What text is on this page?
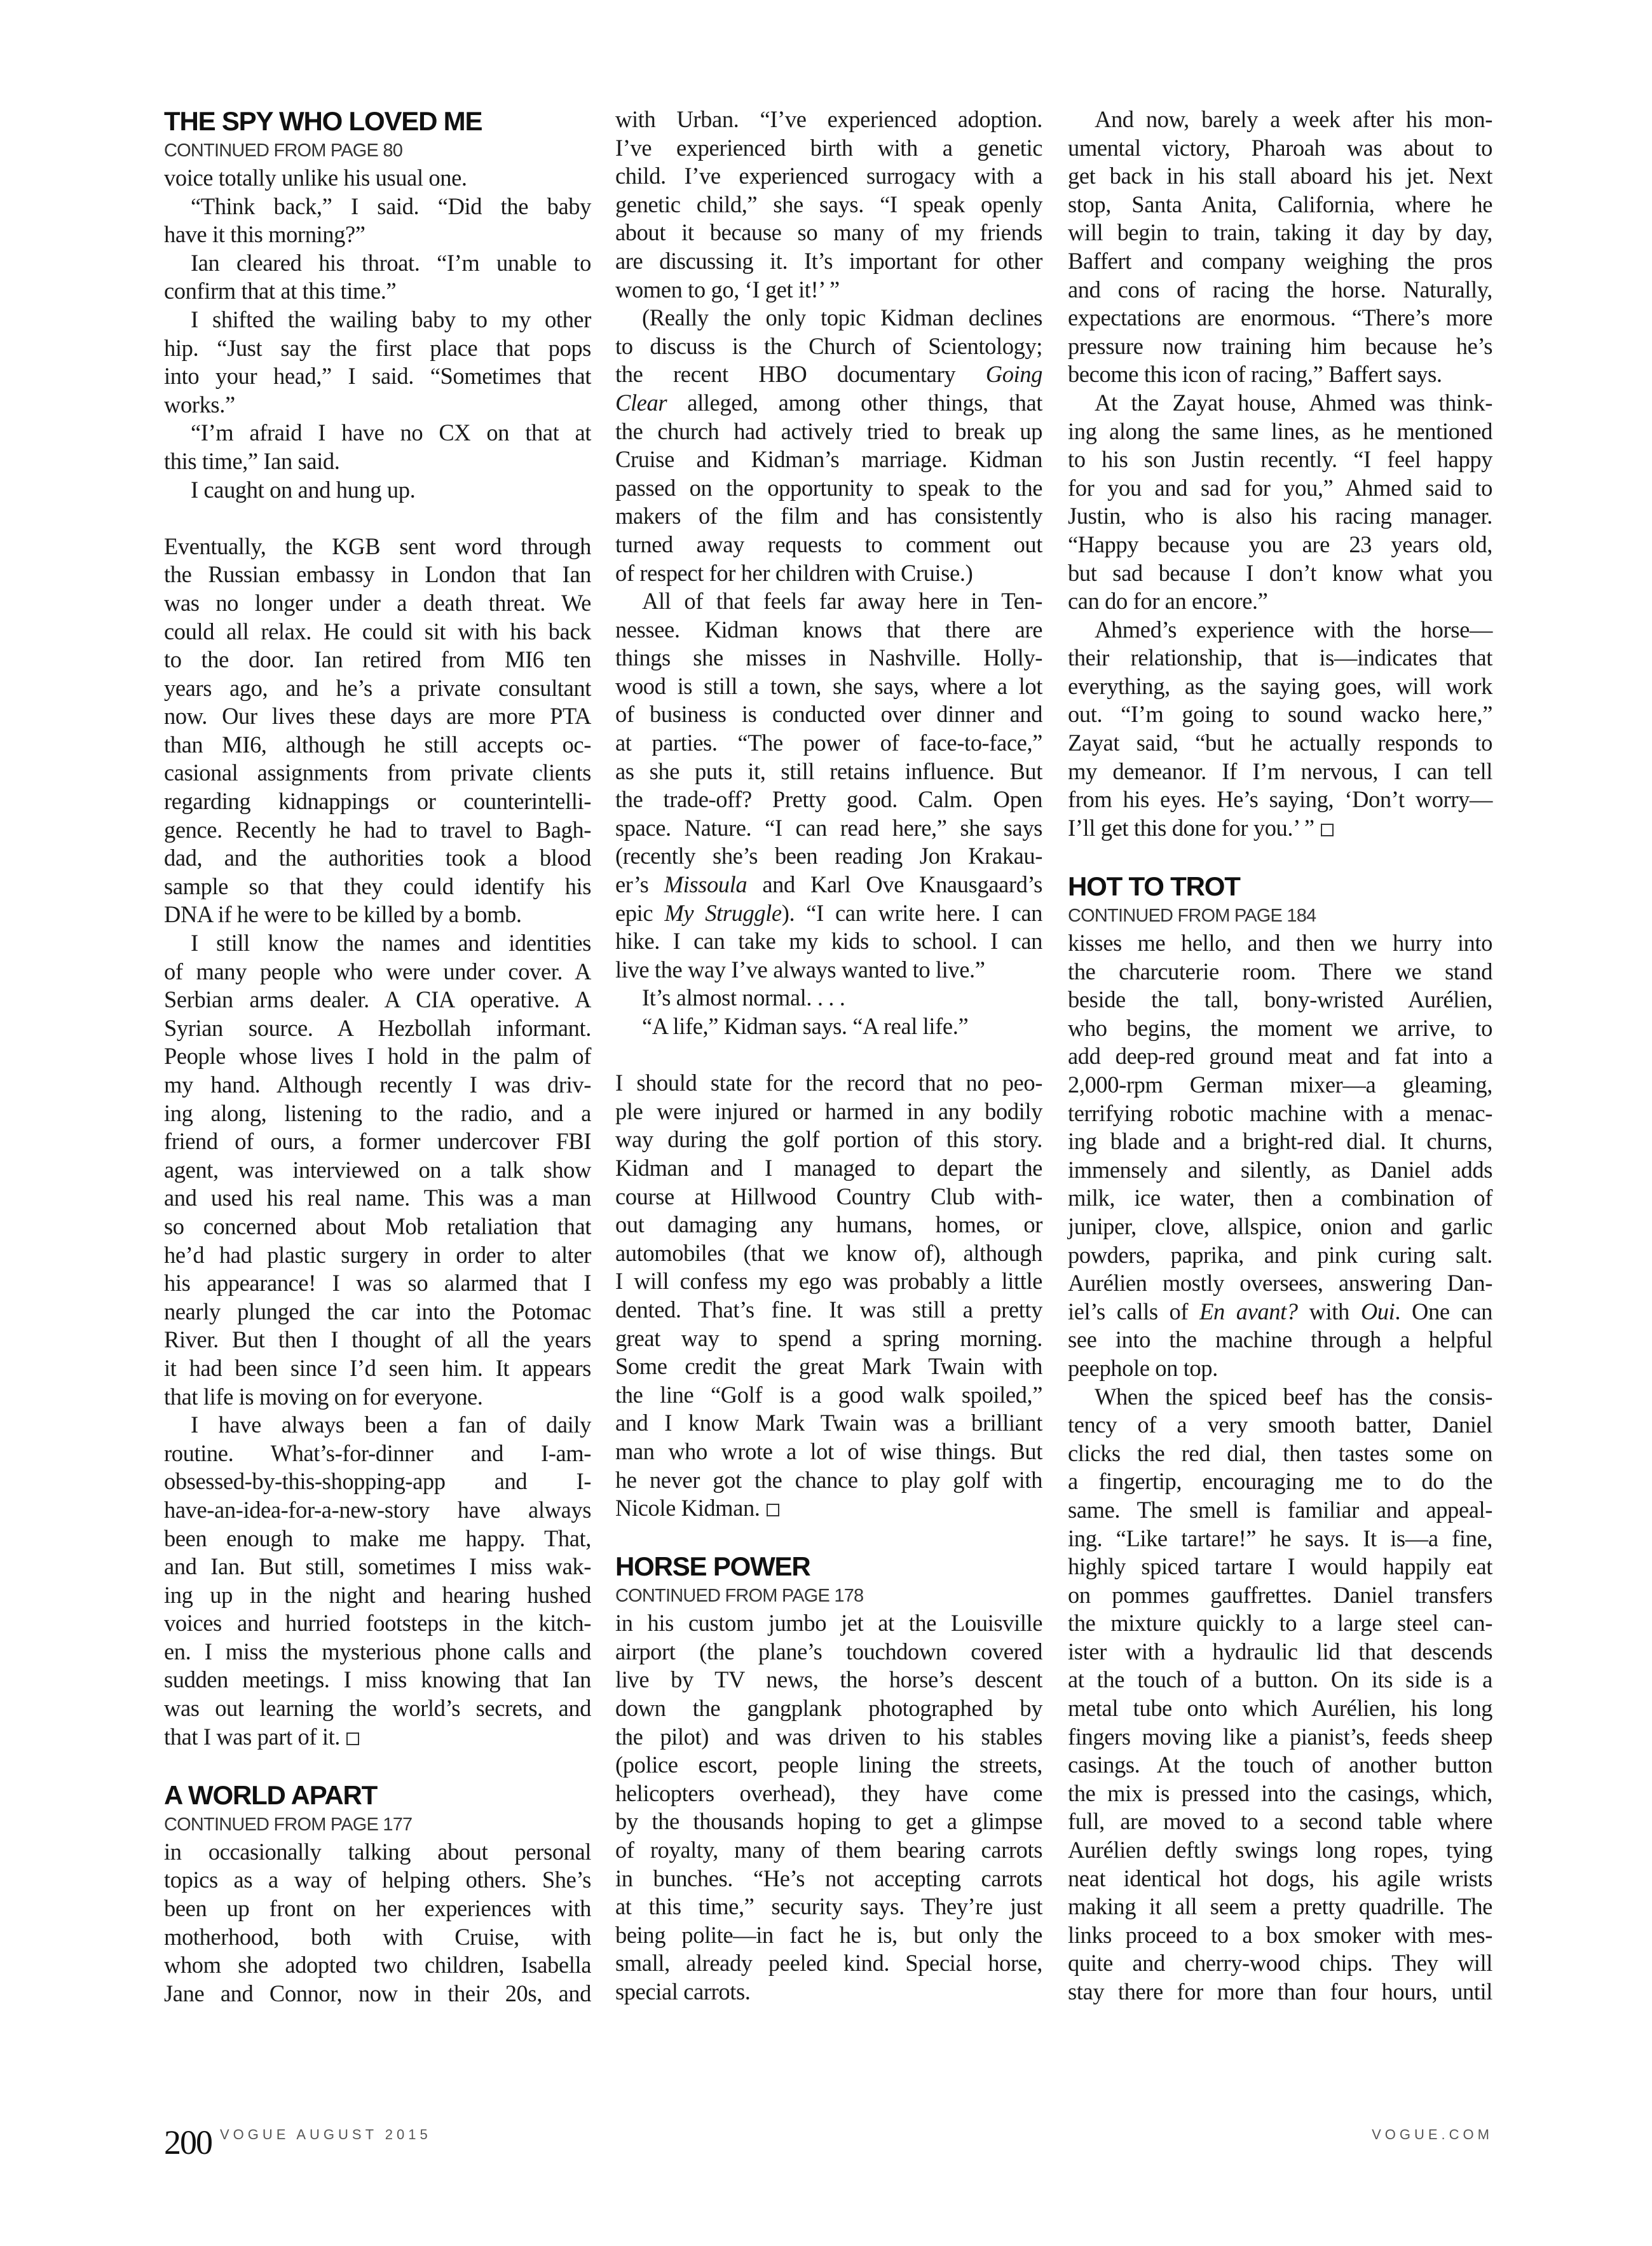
THE SPY WHO LOVED ME
CONTINUED FROM PAGE 80
voice totally unlike his usual one.
“Think back,” I said. “Did the baby
have it this morning?”
Ian cleared his throat. “I’m unable to
confirm that at this time.”
I shifted the wailing baby to my other
hip. “Just say the first place that pops
into your head,” I said. “Sometimes that
works.”
“I’m afraid I have no CX on that at
this time,” Ian said.
I caught on and hung up.
Eventually, the KGB sent word through
the Russian embassy in London that Ian
was no longer under a death threat. We
could all relax. He could sit with his back
to the door. Ian retired from MI6 ten
years ago, and he’s a private consultant
now. Our lives these days are more PTA
than MI6, although he still accepts oc-
casional assignments from private clients
regarding kidnappings or counterintelli-
gence. Recently he had to travel to Bagh-
dad, and the authorities took a blood
sample so that they could identify his
DNA if he were to be killed by a bomb.
I still know the names and identities
of many people who were under cover. A
Serbian arms dealer. A CIA operative. A
Syrian source. A Hezbollah informant.
People whose lives I hold in the palm of
my hand. Although recently I was driv-
ing along, listening to the radio, and a
friend of ours, a former undercover FBI
agent, was interviewed on a talk show
and used his real name. This was a man
so concerned about Mob retaliation that
he’d had plastic surgery in order to alter
his appearance! I was so alarmed that I
nearly plunged the car into the Potomac
River. But then I thought of all the years
it had been since I’d seen him. It appears
that life is moving on for everyone.
I have always been a fan of daily
routine. What’s-for-dinner and I-am-
obsessed-by-this-shopping-app and I-
have-an-idea-for-a-new-story have always
been enough to make me happy. That,
and Ian. But still, sometimes I miss wak-
ing up in the night and hearing hushed
voices and hurried footsteps in the kitch-
en. I miss the mysterious phone calls and
sudden meetings. I miss knowing that Ian
was out learning the world’s secrets, and
that I was part of it.
A WORLD APART
CONTINUED FROM PAGE 177
in occasionally talking about personal
topics as a way of helping others. She’s
been up front on her experiences with
motherhood, both with Cruise, with
whom she adopted two children, Isabella
Jane and Connor, now in their 20s, and
with Urban. “I’ve experienced adoption.
I’ve experienced birth with a genetic
child. I’ve experienced surrogacy with a
genetic child,” she says. “I speak openly
about it because so many of my friends
are discussing it. It’s important for other
women to go, ‘I get it!’ ”
(Really the only topic Kidman declines
to discuss is the Church of Scientology;
the recent HBO documentary Going
Clear alleged, among other things, that
the church had actively tried to break up
Cruise and Kidman’s marriage. Kidman
passed on the opportunity to speak to the
makers of the film and has consistently
turned away requests to comment out
of respect for her children with Cruise.)
All of that feels far away here in Ten-
nessee. Kidman knows that there are
things she misses in Nashville. Holly-
wood is still a town, she says, where a lot
of business is conducted over dinner and
at parties. “The power of face-to-face,”
as she puts it, still retains influence. But
the trade-off? Pretty good. Calm. Open
space. Nature. “I can read here,” she says
(recently she’s been reading Jon Krakau-
er’s Missoula and Karl Ove Knausgaard’s
epic My Struggle). “I can write here. I can
hike. I can take my kids to school. I can
live the way I’ve always wanted to live.”
It’s almost normal. . . .
“A life,” Kidman says. “A real life.”
I should state for the record that no peo-
ple were injured or harmed in any bodily
way during the golf portion of this story.
Kidman and I managed to depart the
course at Hillwood Country Club with-
out damaging any humans, homes, or
automobiles (that we know of), although
I will confess my ego was probably a little
dented. That’s fine. It was still a pretty
great way to spend a spring morning.
Some credit the great Mark Twain with
the line “Golf is a good walk spoiled,”
and I know Mark Twain was a brilliant
man who wrote a lot of wise things. But
he never got the chance to play golf with
Nicole Kidman.
HORSE POWER
CONTINUED FROM PAGE 178
in his custom jumbo jet at the Louisville
airport (the plane’s touchdown covered
live by TV news, the horse’s descent
down the gangplank photographed by
the pilot) and was driven to his stables
(police escort, people lining the streets,
helicopters overhead), they have come
by the thousands hoping to get a glimpse
of royalty, many of them bearing carrots
in bunches. “He’s not accepting carrots
at this time,” security says. They’re just
being polite—in fact he is, but only the
small, already peeled kind. Special horse,
special carrots.
And now, barely a week after his mon-
umental victory, Pharoah was about to
get back in his stall aboard his jet. Next
stop, Santa Anita, California, where he
will begin to train, taking it day by day,
Baffert and company weighing the pros
and cons of racing the horse. Naturally,
expectations are enormous. “There’s more
pressure now training him because he’s
become this icon of racing,” Baffert says.
At the Zayat house, Ahmed was think-
ing along the same lines, as he mentioned
to his son Justin recently. “I feel happy
for you and sad for you,” Ahmed said to
Justin, who is also his racing manager.
“Happy because you are 23 years old,
but sad because I don’t know what you
can do for an encore.”
Ahmed’s experience with the horse—
their relationship, that is—indicates that
everything, as the saying goes, will work
out. “I’m going to sound wacko here,”
Zayat said, “but he actually responds to
my demeanor. If I’m nervous, I can tell
from his eyes. He’s saying, ‘Don’t worry—
I’ll get this done for you.’ ”
HOT TO TROT
CONTINUED FROM PAGE 184
kisses me hello, and then we hurry into
the charcuterie room. There we stand
beside the tall, bony-wristed Aurélien,
who begins, the moment we arrive, to
add deep-red ground meat and fat into a
2,000-rpm German mixer—a gleaming,
terrifying robotic machine with a menac-
ing blade and a bright-red dial. It churns,
immensely and silently, as Daniel adds
milk, ice water, then a combination of
juniper, clove, allspice, onion and garlic
powders, paprika, and pink curing salt.
Aurélien mostly oversees, answering Dan-
iel’s calls of En avant? with Oui. One can
see into the machine through a helpful
peephole on top.
When the spiced beef has the consis-
tency of a very smooth batter, Daniel
clicks the red dial, then tastes some on
a fingertip, encouraging me to do the
same. The smell is familiar and appeal-
ing. “Like tartare!” he says. It is—a fine,
highly spiced tartare I would happily eat
on pommes gauffrettes. Daniel transfers
the mixture quickly to a large steel can-
ister with a hydraulic lid that descends
at the touch of a button. On its side is a
metal tube onto which Aurélien, his long
fingers moving like a pianist’s, feeds sheep
casings. At the touch of another button
the mix is pressed into the casings, which,
full, are moved to a second table where
Aurélien deftly swings long ropes, tying
neat identical hot dogs, his agile wrists
making it all seem a pretty quadrille. The
links proceed to a box smoker with mes-
quite and cherry-wood chips. They will
stay there for more than four hours, until
200 VOGUE AUGUST 2015	VOGUE.COM
